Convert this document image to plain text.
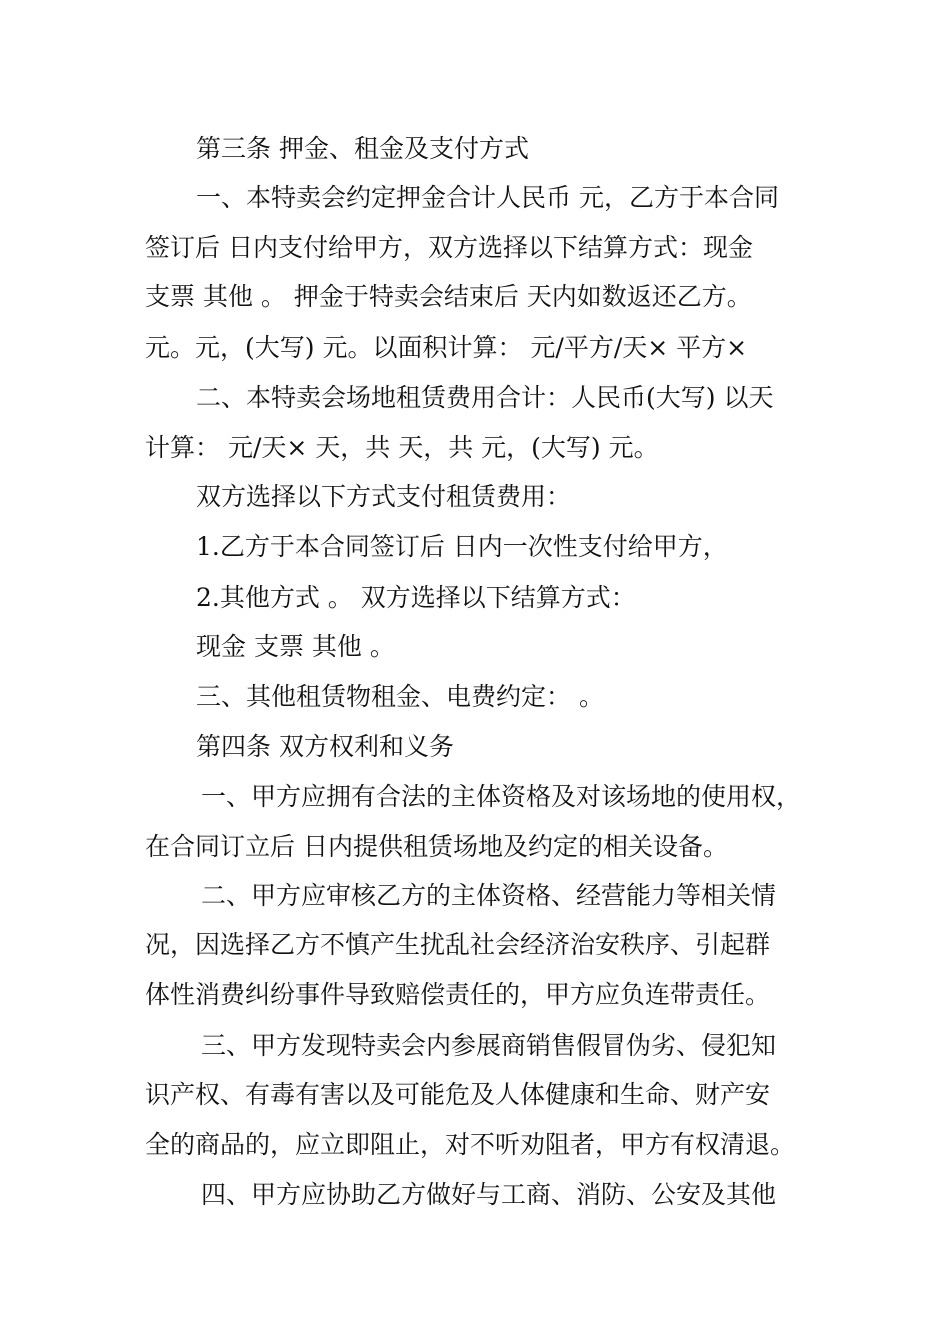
第三条 押金、租金及支付方式
一、本特卖会约定押金合计人民币 元，乙方于本合同
签订后 日内支付给甲方，双方选择以下结算方式：现金
支票 其他 。 押金于特卖会结束后 天内如数返还乙方。
元。元，(大写) 元。以面积计算： 元/平方/天× 平方×
二、本特卖会场地租赁费用合计：人民币(大写) 以天
计算： 元/天× 天，共 天，共 元，(大写) 元。
双方选择以下方式支付租赁费用：
1.乙方于本合同签订后 日内一次性支付给甲方，
2.其他方式 。 双方选择以下结算方式：
现金 支票 其他 。
三、其他租赁物租金、电费约定： 。
第四条 双方权利和义务
一、甲方应拥有合法的主体资格及对该场地的使用权，
在合同订立后 日内提供租赁场地及约定的相关设备。
二、甲方应审核乙方的主体资格、经营能力等相关情
况，因选择乙方不慎产生扰乱社会经济治安秩序、引起群
体性消费纠纷事件导致赔偿责任的，甲方应负连带责任。
三、甲方发现特卖会内参展商销售假冒伪劣、侵犯知
识产权、有毒有害以及可能危及人体健康和生命、财产安
全的商品的，应立即阻止，对不听劝阻者，甲方有权清退。
四、甲方应协助乙方做好与工商、消防、公安及其他
